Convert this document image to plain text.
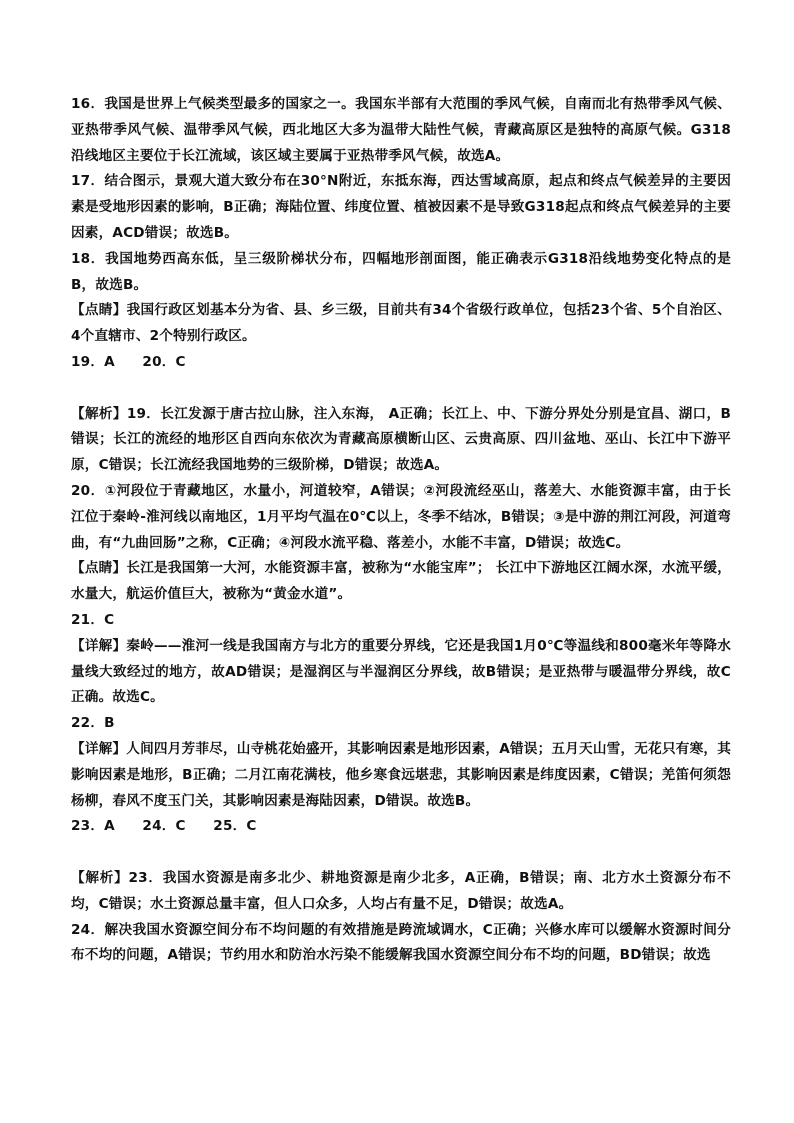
16．我国是世界上气候类型最多的国家之一。我国东半部有大范围的季风气候，自南而北有热带季风气候、亚热带季风气候、温带季风气候，西北地区大多为温带大陆性气候，青藏高原区是独特的高原气候。G318沿线地区主要位于长江流域，该区域主要属于亚热带季风气候，故选A。

17．结合图示，景观大道大致分布在30°N附近，东抵东海，西达雪域高原，起点和终点气候差异的主要因素是受地形因素的影响，B正确；海陆位置、纬度位置、植被因素不是导致G318起点和终点气候差异的主要因素，ACD错误；故选B。

18．我国地势西高东低，呈三级阶梯状分布，四幅地形剖面图，能正确表示G318沿线地势变化特点的是B，故选B。

【点睛】我国行政区划基本分为省、县、乡三级，目前共有34个省级行政单位，包括23个省、5个自治区、4个直辖市、2个特别行政区。

19．A　　20．C

【解析】19．长江发源于唐古拉山脉，注入东海， A正确；长江上、中、下游分界处分别是宜昌、湖口，B错误；长江的流经的地形区自西向东依次为青藏高原横断山区、云贵高原、四川盆地、巫山、长江中下游平原，C错误；长江流经我国地势的三级阶梯，D错误；故选A。

20．①河段位于青藏地区，水量小，河道较窄，A错误；②河段流经巫山，落差大、水能资源丰富，由于长江位于秦岭-淮河线以南地区，1月平均气温在0℃以上，冬季不结冰，B错误；③是中游的荆江河段，河道弯曲，有“九曲回肠”之称，C正确；④河段水流平稳、落差小，水能不丰富，D错误；故选C。

【点睛】长江是我国第一大河，水能资源丰富，被称为“水能宝库”； 长江中下游地区江阔水深，水流平缓，水量大，航运价值巨大，被称为“黄金水道”。

21．C

【详解】秦岭——淮河一线是我国南方与北方的重要分界线，它还是我国1月0℃等温线和800毫米年等降水量线大致经过的地方，故AD错误；是湿润区与半湿润区分界线，故B错误；是亚热带与暖温带分界线，故C正确。故选C。

22．B

【详解】人间四月芳菲尽，山寺桃花始盛开，其影响因素是地形因素，A错误；五月天山雪，无花只有寒，其影响因素是地形，B正确；二月江南花满枝，他乡寒食远堪悲，其影响因素是纬度因素，C错误；羌笛何须怨杨柳，春风不度玉门关，其影响因素是海陆因素，D错误。故选B。

23．A　　24．C　　25．C

【解析】23．我国水资源是南多北少、耕地资源是南少北多，A正确，B错误；南、北方水土资源分布不均，C错误；水土资源总量丰富，但人口众多，人均占有量不足，D错误；故选A。

24．解决我国水资源空间分布不均问题的有效措施是跨流域调水，C正确；兴修水库可以缓解水资源时间分布不均的问题，A错误；节约用水和防治水污染不能缓解我国水资源空间分布不均的问题，BD错误；故选
